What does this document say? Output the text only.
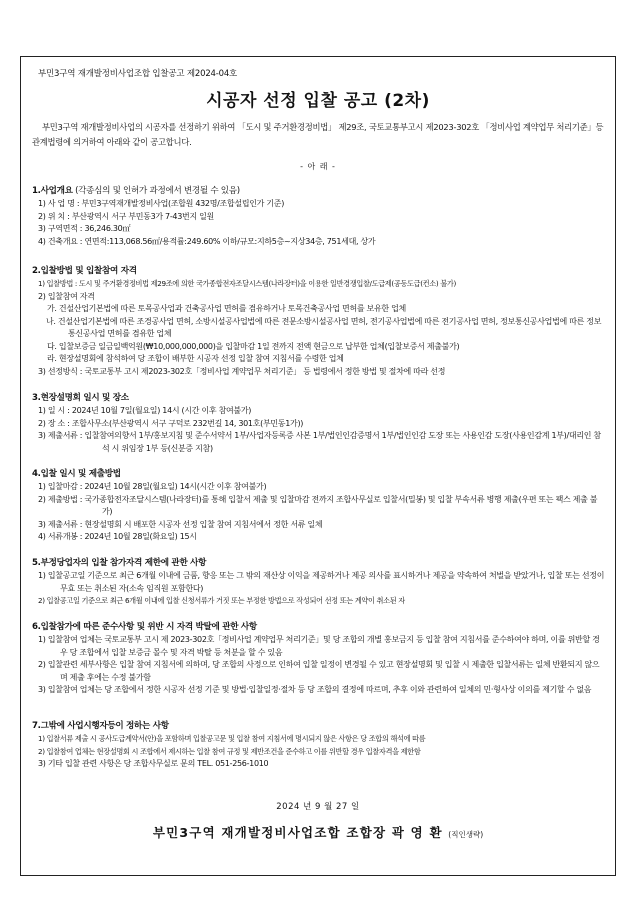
부민3구역 재개발정비사업조합 입찰공고 제2024-04호
시공자 선정 입찰 공고 (2차)
부민3구역 재개발정비사업의 시공자를 선정하기 위하여 「도시 및 주거환경정비법」 제29조, 국토교통부고시 제2023-302호 「정비사업 계약업무 처리기준」등 관계법령에 의거하여 아래와 같이 공고합니다.
- 아 래 -
1.사업개요 (각종심의 및 인허가 과정에서 변경될 수 있음)
1) 사 업 명 : 부민3구역재개발정비사업(조합원 432명/조합설립인가 기준)
2) 위 치 : 부산광역시 서구 부민동3가 7-43번지 일원
3) 구역면적 : 36,246.30㎡
4) 건축개요 : 연면적:113,068.56㎡/용적률:249.60% 이하/규모:지하5층~지상34층, 751세대, 상가
2.입찰방법 및 입찰참여 자격
1) 입찰방법 : 도시 및 주거환경정비법 제29조에 의한 국가종합전자조달시스템(나라장터)을 이용한 일반경쟁입찰/도급제(공동도급(컨소) 불가)
2) 입찰참여 자격
가. 건설산업기본법에 따른 토목공사업과 건축공사업 면허를 겸유하거나 토목건축공사업 면허를 보유한 업체
나. 건설산업기본법에 따른 조경공사업 면허, 소방시설공사업법에 따른 전문소방시설공사업 면허, 전기공사업법에 따른 전기공사업 면허, 정보통신공사업법에 따른 정보통신공사업 면허를 겸유한 업체
다. 입찰보증금 일금일백억원(₩10,000,000,000)을 입찰마감 1일 전까지 전액 현금으로 납부한 업체(입찰보증서 제출불가)
라. 현장설명회에 참석하여 당 조합이 배부한 시공자 선정 입찰 참여 지침서를 수령한 업체
3) 선정방식 : 국토교통부 고시 제2023-302호「정비사업 계약업무 처리기준」 등 법령에서 정한 방법 및 절차에 따라 선정
3.현장설명회 일시 및 장소
1) 일 시 : 2024년 10월 7일(월요일) 14시 (시간 이후 참여불가)
2) 장 소 : 조합사무소(부산광역시 서구 구덕로 232번길 14, 301호(부민동1가))
3) 제출서류 : 입찰참여의향서 1부/홍보지침 및 준수서약서 1부/사업자등록증 사본 1부/법인인감증명서 1부/법인인감 도장 또는 사용인감 도장(사용인감계 1부)/대리인 참석 시 위임장 1부 등(신분증 지참)
4.입찰 일시 및 제출방법
1) 입찰마감 : 2024년 10월 28일(월요일) 14시(시간 이후 참여불가)
2) 제출방법 : 국가종합전자조달시스템(나라장터)를 통해 입찰서 제출 및 입찰마감 전까지 조합사무실로 입찰서(밀봉) 및 입찰 부속서류 병행 제출(우편 또는 팩스 제출 불가)
3) 제출서류 : 현장설명회 시 배포한 시공자 선정 입찰 참여 지침서에서 정한 서류 일체
4) 서류개봉 : 2024년 10월 28일(화요일) 15시
5.부정당업자의 입찰 참가자격 제한에 관한 사항
1) 입찰공고일 기준으로 최근 6개월 이내에 금품, 향응 또는 그 밖의 재산상 이익을 제공하거나 제공 의사를 표시하거나 제공을 약속하여 처벌을 받았거나, 입찰 또는 선정이 무효 또는 취소된 자(소속 임직원 포함한다)
2) 입찰공고일 기준으로 최근 6개월 이내에 입찰 신청서류가 거짓 또는 부정한 방법으로 작성되어 선정 또는 계약이 취소된 자
6.입찰참가에 따른 준수사항 및 위반 시 자격 박탈에 관한 사항
1) 입찰참여 업체는 국토교통부 고시 제 2023-302호「정비사업 계약업무 처리기준」및 당 조합의 개별 홍보금지 등 입찰 참여 지침서를 준수하여야 하며, 이를 위반할 경우 당 조합에서 입찰 보증금 몰수 및 자격 박탈 등 처분을 할 수 있음
2) 입찰관련 세부사항은 입찰 참여 지침서에 의하며, 당 조합의 사정으로 인하여 입찰 일정이 변경될 수 있고 현장설명회 및 입찰 시 제출한 입찰서류는 일체 반환되지 않으며 제출 후에는 수정 불가함
3) 입찰참여 업체는 당 조합에서 정한 시공자 선정 기준 및 방법·입찰일정·절차 등 당 조합의 결정에 따르며, 추후 이와 관련하여 일체의 민·형사상 이의를 제기할 수 없음
7.그밖에 사업시행자등이 정하는 사항
1) 입찰서류 제출 시 공사도급계약서(안)을 포함하며 입찰공고문 및 입찰 참여 지침서에 명시되지 않은 사항은 당 조합의 해석에 따름
2) 입찰참여 업체는 현장설명회 시 조합에서 제시하는 입찰 참여 규정 및 제반조건을 준수하고 이를 위반할 경우 입찰자격을 제한함
3) 기타 입찰 관련 사항은 당 조합사무실로 문의 TEL. 051-256-1010
2024 년 9 월 27 일
부민3구역 재개발정비사업조합 조합장 곽 영 환 (직인생략)
